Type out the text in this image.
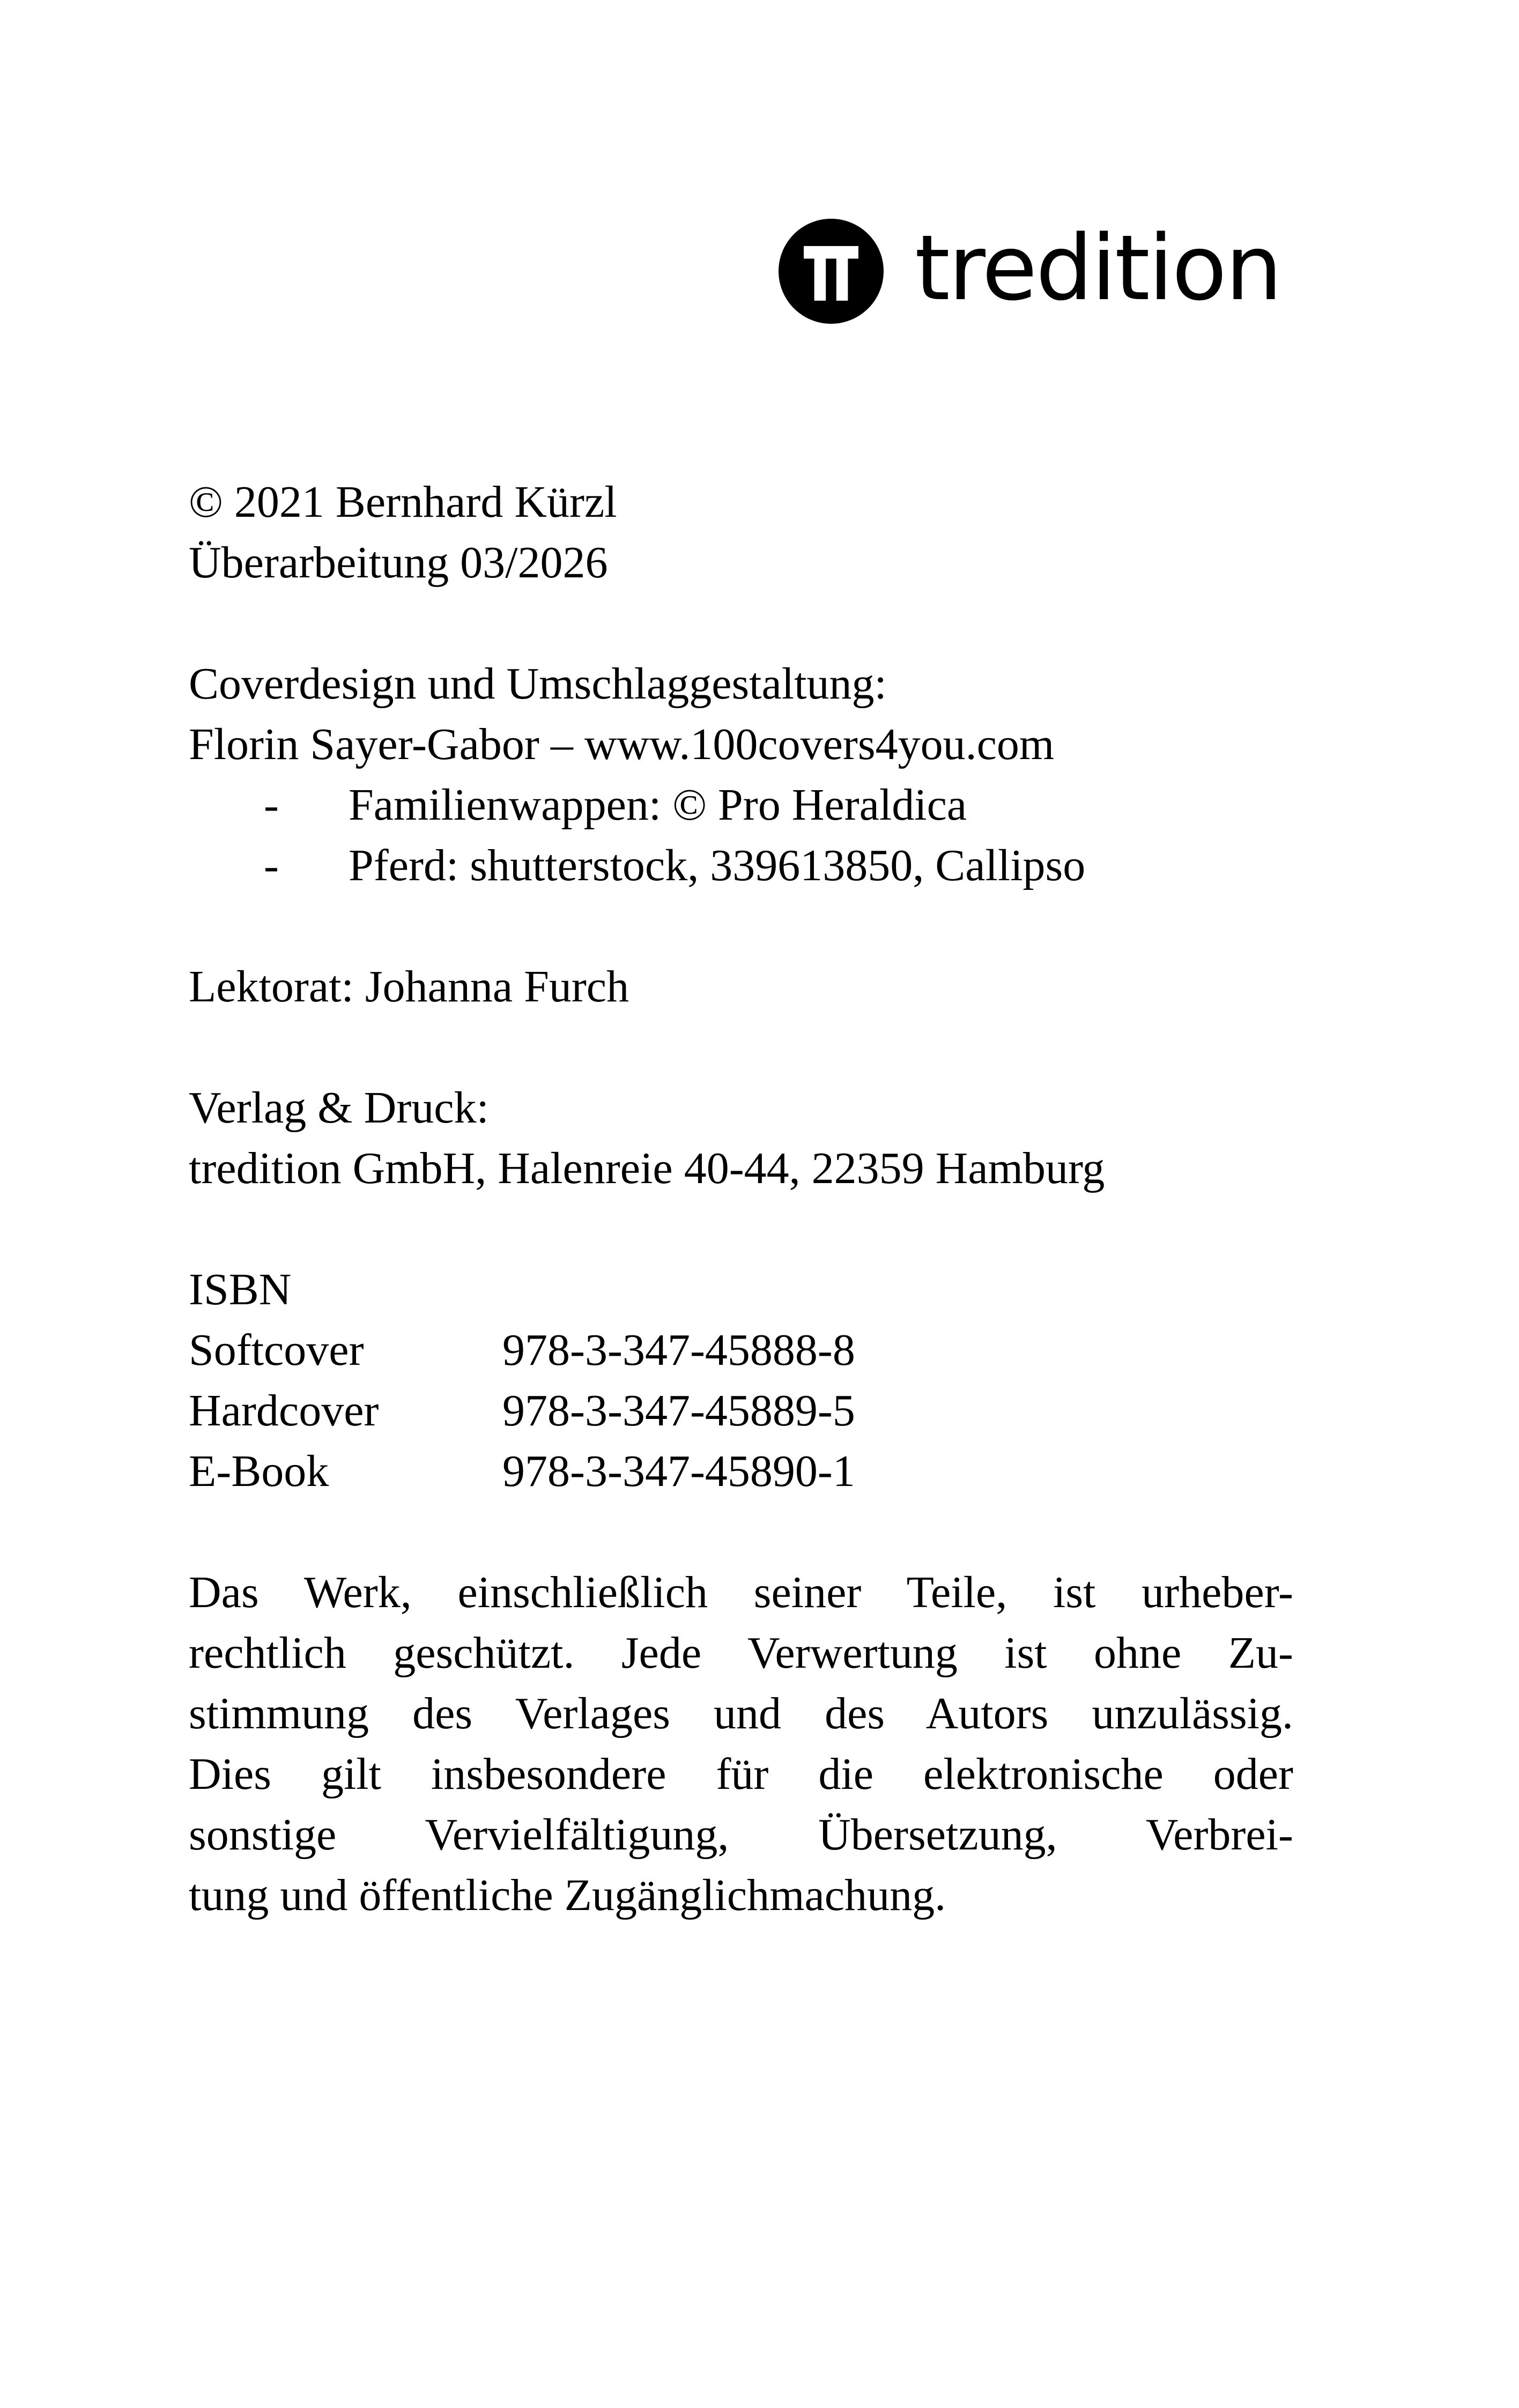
tredition
© 2021 Bernhard Kürzl
Überarbeitung 03/2026
Coverdesign und Umschlaggestaltung:
Florin Sayer-Gabor – www.100covers4you.com
-	Familienwappen: © Pro Heraldica
-	Pferd: shutterstock, 339613850, Callipso
Lektorat: Johanna Furch
Verlag & Druck:
tredition GmbH, Halenreie 40-44, 22359 Hamburg
ISBN
Softcover	978-3-347-45888-8
Hardcover	978-3-347-45889-5
E-Book	978-3-347-45890-1
Das Werk, einschließlich seiner Teile, ist urheber-
rechtlich geschützt. Jede Verwertung ist ohne Zu-
stimmung des Verlages und des Autors unzulässig.
Dies gilt insbesondere für die elektronische oder
sonstige Vervielfältigung, Übersetzung, Verbrei-
tung und öffentliche Zugänglichmachung.
